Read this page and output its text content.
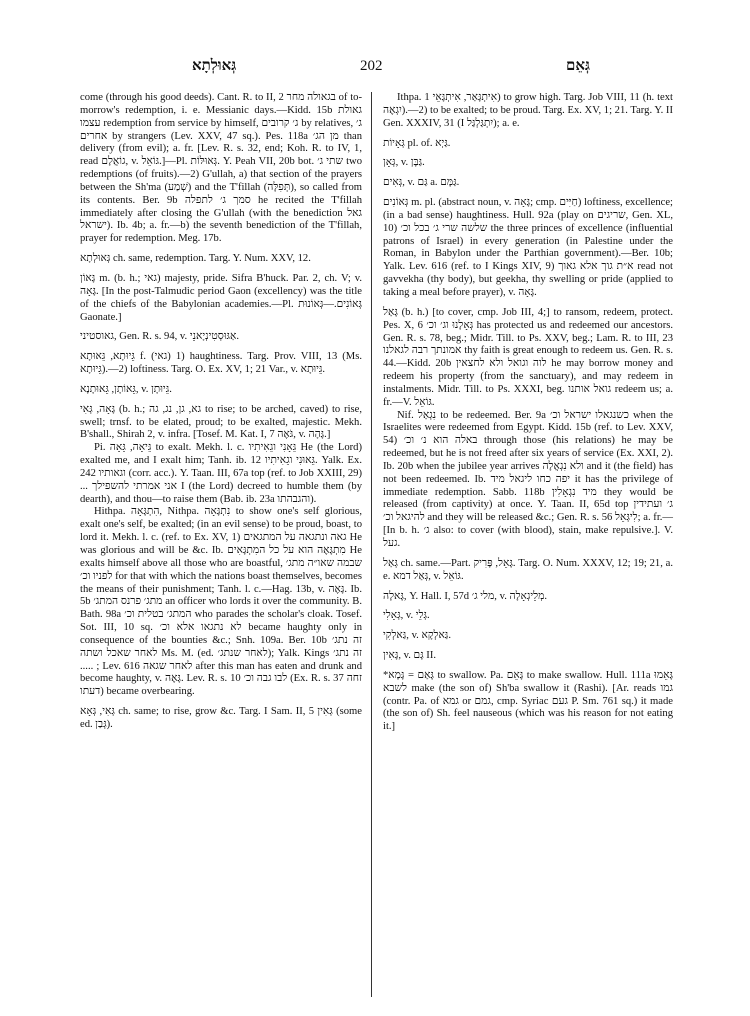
גְּאוּלְתָא	202	גְּאֵם

come (through his good deeds). Cant. R. to II, 2 בגאולה מחר of to-morrow's redemption, i. e. Messianic days.—Kidd. 15b גאולת עצמו redemption from service by himself, ג׳ קרובים by relatives, ג׳ אחרים by strangers (Lev. XXV, 47 sq.). Pes. 118a מן הג׳ than delivery (from evil); a. fr. [Lev. R. s. 32, end; Koh. R. to IV, 1, read גוֹאֲלָם, v. גּוֹאֵל.]—Pl. גְּאוּלּוֹת. Y. Peah VII, 20b bot. שתי ג׳ two redemptions (of fruits).—2) G'ullah, a) that section of the prayers between the Sh'ma (שְׁמַע) and the T'fillah (תְּפִלָּה), so called from its contents. Ber. 9b סמך ג׳ לתפלה he recited the T'fillah immediately after closing the G'ullah (with the benediction גאל ישראל). Ib. 4b; a. fr.—b) the seventh benediction of the T'fillah, prayer for redemption. Meg. 17b.

גְּאוּלְתָא ch. same, redemption. Targ. Y. Num. XXV, 12.

גָּאוֹן m. (b. h.; גאי) majesty, pride. Sifra B'huck. Par. 2, ch. V; v. גָּאָה. [In the post-Talmudic period Gaon (excellency) was the title of the chiefs of the Babylonian academies.—Pl. גְּאוֹנִים.—גְּאוֹנוּת Gaonate.]

גאוסטיני, Gen. R. s. 94, v. אַגּוּסְטִינְיָאנֵי.

גֵּיוּתָא, גֵּאוּתָא f. (גאי) 1) haughtiness. Targ. Prov. VIII, 13 (Ms. גֵּיוּתָא).—2) loftiness. Targ. O. Ex. XV, 1; 21 Var., v. גֵּיוּתָא.

גֵּאוֹתָן, גֵּאוּתָנָא, v. גֵּיוּתָן.

גָּאָה, גְּאִי (b. h.; גא, גן, נג, גה to rise; to be arched, caved) to rise, swell; trnsf. to be elated, proud; to be exalted, majestic. Mekh. B'shall., Shirah 2, v. infra. [Tosef. M. Kat. I, 7 גֹּאֶה, v. גָּהָה.]

Pi. גֵּיאָה, גֵּאָה to exalt. Mekh. l. c. גֵּאָנִי וגֵאִיתִיו He (the Lord) exalted me, and I exalt him; Tanh. ib. 12 גֵּאוּנִי וגֵאִיתִיו. Yalk. Ex. 242 וגאותיו (corr. acc.). Y. Taan. III, 67a top (ref. to Job XXIII, 29) ... אני אמרתי להשפילך I (the Lord) decreed to humble them (by dearth), and thou—to raise them (Bab. ib. 23a והגבהתו).

Hithpa. הִתְגָּאָה, Nithpa. נִתְגָּאָה to show one's self glorious, exalt one's self, be exalted; (in an evil sense) to be proud, boast, to lord it. Mekh. l. c. (ref. to Ex. XV, 1) גאה ונתגאה על המתגאים He was glorious and will be &c. Ib. מִתְגָּאֶה הוא על כל המִתְגָּאִים He exalts himself above all those who are boastful, שבמה שאו״ה מתג׳ לפניו וכ׳ for that with which the nations boast themselves, becomes the means of their punishment; Tanh. l. c.—Hag. 13b, v. גָּאֶה. Ib. 5b מתג׳ פרנס המתג׳ an officer who lords it over the community. B. Bath. 98a המתג׳ בטלית וכ׳ who parades the scholar's cloak. Tosef. Sot. III, 10 sq. לא נתגאו אלא וכ׳ became haughty only in consequence of the bounties &c.; Snh. 109a. Ber. 10b זה נתג׳ לאחר שאכל ושתה Ms. M. (ed. לאחר שנתג׳); Yalk. Kings זה נתג׳ ..... ; Lev. 616 לאחר שגאה after this man has eaten and drunk and become haughty, v. גָּאֶה. Lev. R. s. 10 לבו גבה וכ׳ (Ex. R. s. 37 זחה דעתו) became overbearing.

גְּאִי, גְּאָא ch. same; to rise, grow &c. Targ. I Sam. II, 5 גְּאִין (some ed. גְּבַן).

Ithpa. אִיתְגָּאַר, אִיתְגָּאֵי 1) to grow high. Targ. Job VIII, 11 (h. text יִגְאֶה).—2) to be exalted; to be proud. Targ. Ex. XV, 1; 21. Targ. Y. II Gen. XXXIV, 31 (I יִתְגַּלְגַּל); a. e.

גְּאָיוֹת pl. of. גַּיְא.

גְּאָן, v. גַּבָּן.

גְּאִים, v. גַּם a. גַּמָּם.

גְּאוֹנִים m. pl. (abstract noun, v. גָּאָה; cmp. חַיִּים) loftiness, excellence; (in a bad sense) haughtiness. Hull. 92a (play on שריגים, Gen. XL, 10) שלשה שרי ג׳ בכל וכ׳ the three princes of excellence (influential patrons of Israel) in every generation (in Palestine under the Roman, in Babylon under the Parthian government).—Ber. 10b; Yalk. Lev. 616 (ref. to I Kings XIV, 9) א״ת גוך אלא גאוך read not gavvekha (thy body), but geekha, thy swelling or pride (applied to taking a meal before prayer), v. גָּאָה.

גָּאַל (b. h.) [to cover, cmp. Job III, 4;] to ransom, redeem, protect. Pes. X, 6 גְּאָלָנוּ וג׳ וכ׳ has protected us and redeemed our ancestors. Gen. R. s. 78, beg.; Midr. Till. to Ps. XXV, beg.; Lam. R. to III, 23 אמונתך רבה לגאלנו thy faith is great enough to redeem us. Gen. R. s. 44.—Kidd. 20b לוה וגואל ולא לחצאין he may borrow money and redeem his property (from the sanctuary), and may redeem in instalments. Midr. Till. to Ps. XXXI, beg. גואל אותנו redeem us; a. fr.—V. גּוֹאֵל.

Nif. נִגְאַל to be redeemed. Ber. 9a כשנגאלו ישראל וכ׳ when the Israelites were redeemed from Egypt. Kidd. 15b (ref. to Lev. XXV, 54) באלה הוא נ׳ וכ׳ through those (his relations) he may be redeemed, but he is not freed after six years of service (Ex. XXI, 2). Ib. 20b when the jubilee year arrives ולא נִגְאֲלָה and it (the field) has not been redeemed. Ib. יפה כחו ליגאל מיד it has the privilege of immediate redemption. Sabb. 118b מיד נִגְאָלִין they would be released (from captivity) at once. Y. Taan. II, 65d top ג׳ ועתידין להיגאל וכ׳ and they will be released &c.; Gen. R. s. 56 לִיגְּאֵל; a. fr.—[In b. h. ג׳ also: to cover (with blood), stain, make repulsive.]. V. געל.

גְּאַל ch. same.—Part. גָּאֵל, פָּרִיק. Targ. O. Num. XXXV, 12; 19; 21, a. e. גְּאַל דמא, v. גּוֹאֵל.

גָּאלָה, Y. Hall. I, 57d מלי ג׳, v. מְלֵיגְאָלָה.

גְּאָלִי, v. גְּלֵי.

גַּאלְקִי, v. גַּאלְקָא.

גָּאִין, v. גָּם II.

*גָּאַם = גָּמָא to swallow. Pa. גָּאֵם to make swallow. Hull. 111a גָּאֵמוּ לשבא make (the son of) Sh'ba swallow it (Rashi). [Ar. reads גמו (contr. Pa. of גמא or גמם, cmp. Syriac געם P. Sm. 761 sq.) it made (the son of) Sh. feel nauseous (which was his reason for not eating it.]
